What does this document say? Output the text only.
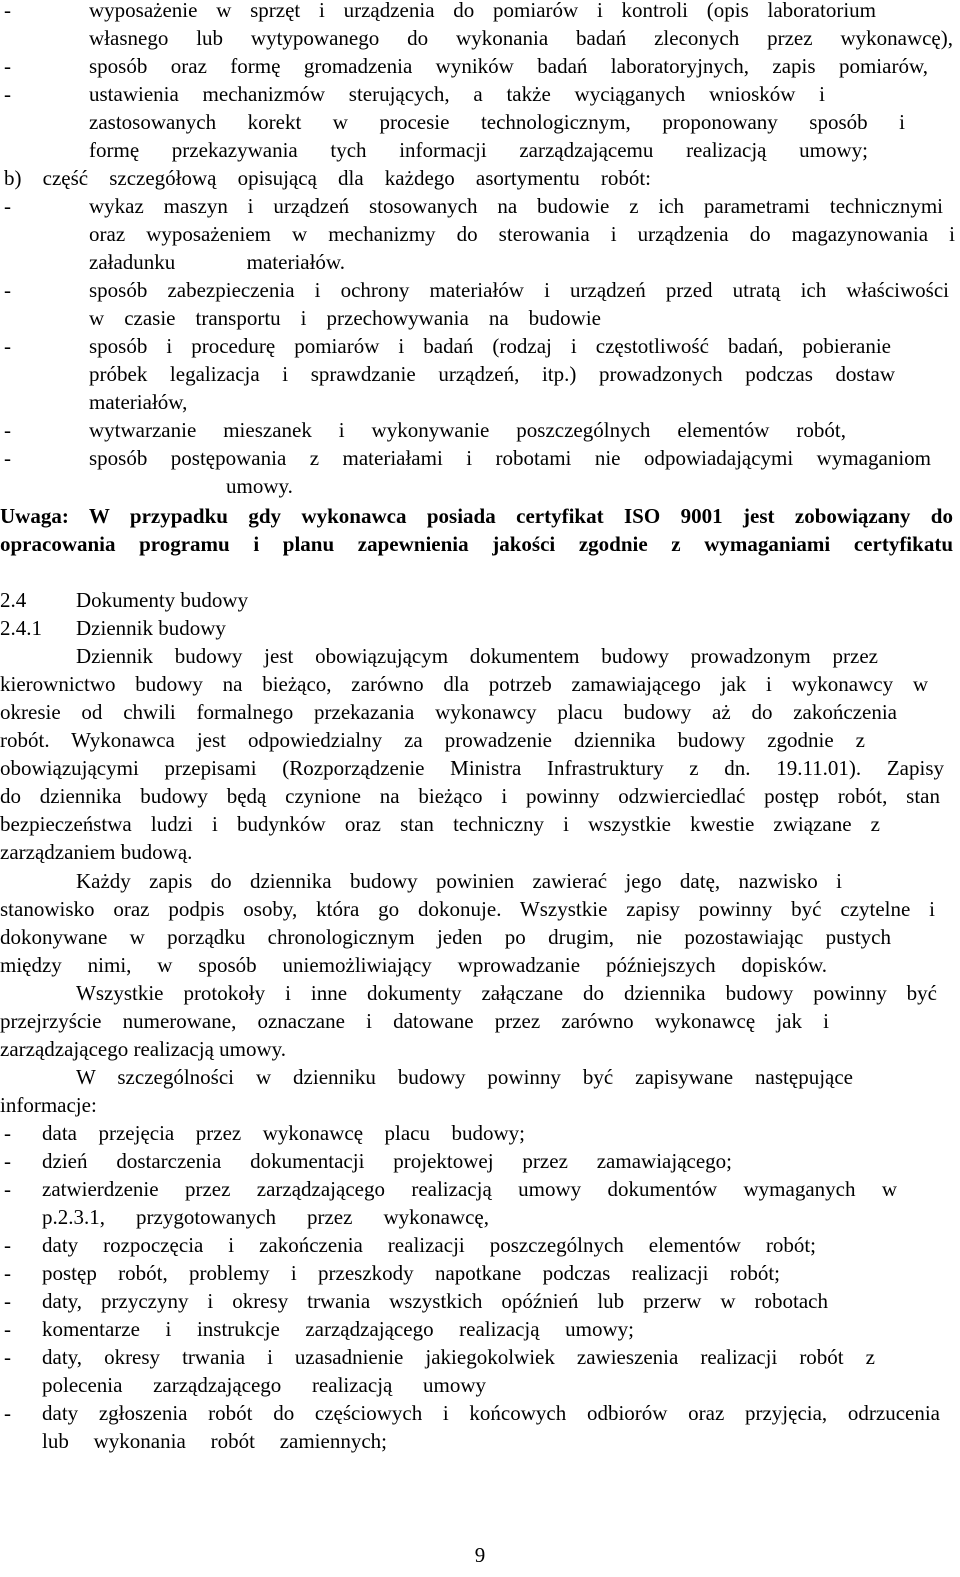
-	wyposażenie w sprzęt i urządzenia do pomiarów i kontroli (opis laboratorium
własnego lub wytypowanego do wykonania badań zleconych przez wykonawcę),
-	sposób oraz formę gromadzenia wyników badań laboratoryjnych, zapis pomiarów,
-	ustawienia mechanizmów sterujących, a także wyciąganych wniosków i
zastosowanych korekt w procesie technologicznym, proponowany sposób i
formę przekazywania tych informacji zarządzającemu realizacją umowy;
b) część szczegółową opisującą dla każdego asortymentu robót:
-	wykaz maszyn i urządzeń stosowanych na budowie z ich parametrami technicznymi
oraz wyposażeniem w mechanizmy do sterowania i urządzenia do magazynowania i
załadunku materiałów.
-	sposób zabezpieczenia i ochrony materiałów i urządzeń przed utratą ich właściwości
w czasie transportu i przechowywania na budowie
-	sposób i procedurę pomiarów i badań (rodzaj i częstotliwość badań, pobieranie
próbek legalizacja i sprawdzanie urządzeń, itp.) prowadzonych podczas dostaw
materiałów,
-	wytwarzanie mieszanek i wykonywanie poszczególnych elementów robót,
-	sposób postępowania z materiałami i robotami nie odpowiadającymi wymaganiom
umowy.
Uwaga: W przypadku gdy wykonawca posiada certyfikat ISO 9001 jest zobowiązany do
opracowania programu i planu zapewnienia jakości zgodnie z wymaganiami certyfikatu
2.4 Dokumenty budowy
2.4.1 Dziennik budowy
Dziennik budowy jest obowiązującym dokumentem budowy prowadzonym przez
kierownictwo budowy na bieżąco, zarówno dla potrzeb zamawiającego jak i wykonawcy w
okresie od chwili formalnego przekazania wykonawcy placu budowy aż do zakończenia
robót. Wykonawca jest odpowiedzialny za prowadzenie dziennika budowy zgodnie z
obowiązującymi przepisami (Rozporządzenie Ministra Infrastruktury z dn. 19.11.01). Zapisy
do dziennika budowy będą czynione na bieżąco i powinny odzwierciedlać postęp robót, stan
bezpieczeństwa ludzi i budynków oraz stan techniczny i wszystkie kwestie związane z
zarządzaniem budową.
Każdy zapis do dziennika budowy powinien zawierać jego datę, nazwisko i
stanowisko oraz podpis osoby, która go dokonuje. Wszystkie zapisy powinny być czytelne i
dokonywane w porządku chronologicznym jeden po drugim, nie pozostawiając pustych
między nimi, w sposób uniemożliwiający wprowadzanie późniejszych dopisków.
Wszystkie protokoły i inne dokumenty załączane do dziennika budowy powinny być
przejrzyście numerowane, oznaczane i datowane przez zarówno wykonawcę jak i
zarządzającego realizacją umowy.
W szczególności w dzienniku budowy powinny być zapisywane następujące
informacje:
- data przejęcia przez wykonawcę placu budowy;
- dzień dostarczenia dokumentacji projektowej przez zamawiającego;
- zatwierdzenie przez zarządzającego realizacją umowy dokumentów wymaganych w
p.2.3.1, przygotowanych przez wykonawcę,
- daty rozpoczęcia i zakończenia realizacji poszczególnych elementów robót;
- postęp robót, problemy i przeszkody napotkane podczas realizacji robót;
- daty, przyczyny i okresy trwania wszystkich opóźnień lub przerw w robotach
- komentarze i instrukcje zarządzającego realizacją umowy;
- daty, okresy trwania i uzasadnienie jakiegokolwiek zawieszenia realizacji robót z
polecenia zarządzającego realizacją umowy
- daty zgłoszenia robót do częściowych i końcowych odbiorów oraz przyjęcia, odrzucenia
lub wykonania robót zamiennych;
9
